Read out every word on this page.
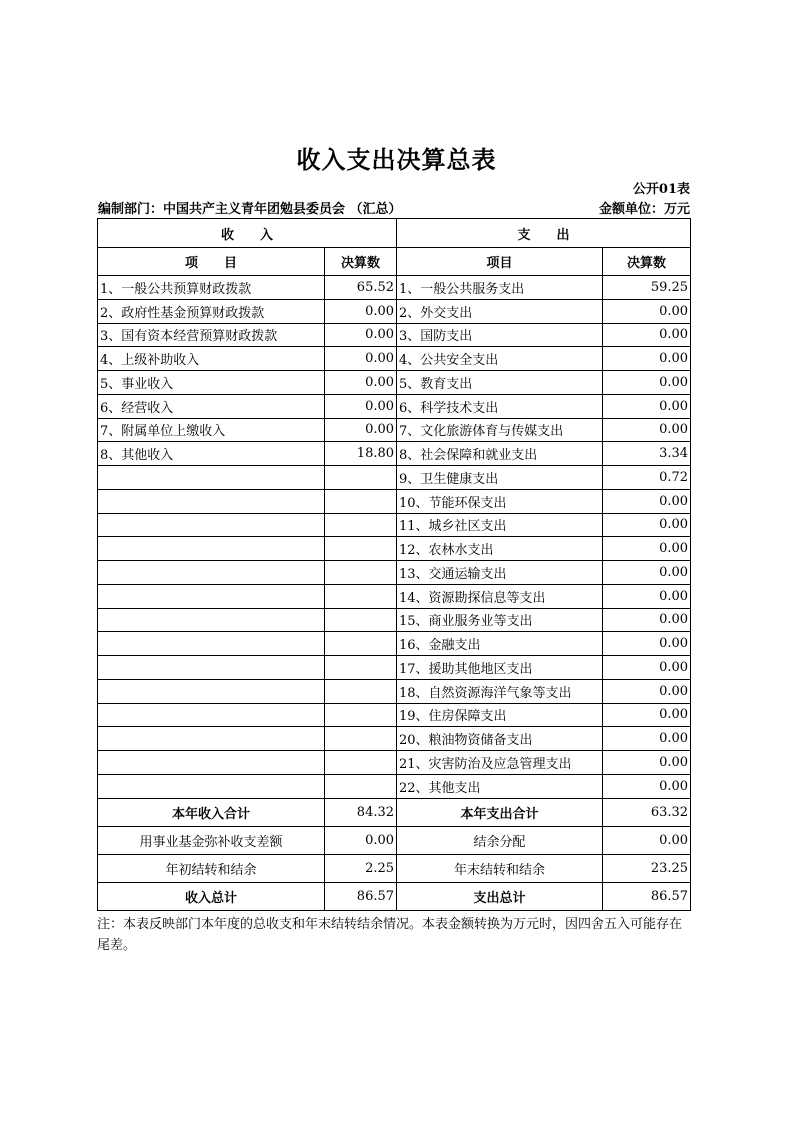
收入支出决算总表
公开01表
编制部门：中国共产主义青年团勉县委员会 （汇总）	金额单位：万元
收　　入		支　　出	
项　　目	决算数	项目	决算数
1、一般公共预算财政拨款	65.52	1、一般公共服务支出	59.25
2、政府性基金预算财政拨款	0.00	2、外交支出	0.00
3、国有资本经营预算财政拨款	0.00	3、国防支出	0.00
4、上级补助收入	0.00	4、公共安全支出	0.00
5、事业收入	0.00	5、教育支出	0.00
6、经营收入	0.00	6、科学技术支出	0.00
7、附属单位上缴收入	0.00	7、文化旅游体育与传媒支出	0.00
8、其他收入	18.80	8、社会保障和就业支出	3.34
		9、卫生健康支出	0.72
		10、节能环保支出	0.00
		11、城乡社区支出	0.00
		12、农林水支出	0.00
		13、交通运输支出	0.00
		14、资源勘探信息等支出	0.00
		15、商业服务业等支出	0.00
		16、金融支出	0.00
		17、援助其他地区支出	0.00
		18、自然资源海洋气象等支出	0.00
		19、住房保障支出	0.00
		20、粮油物资储备支出	0.00
		21、灾害防治及应急管理支出	0.00
		22、其他支出	0.00
本年收入合计	84.32	本年支出合计	63.32
用事业基金弥补收支差额	0.00	结余分配	0.00
年初结转和结余	2.25	年末结转和结余	23.25
收入总计	86.57	支出总计	86.57
注：本表反映部门本年度的总收支和年末结转结余情况。本表金额转换为万元时，因四舍五入可能存在尾差。
